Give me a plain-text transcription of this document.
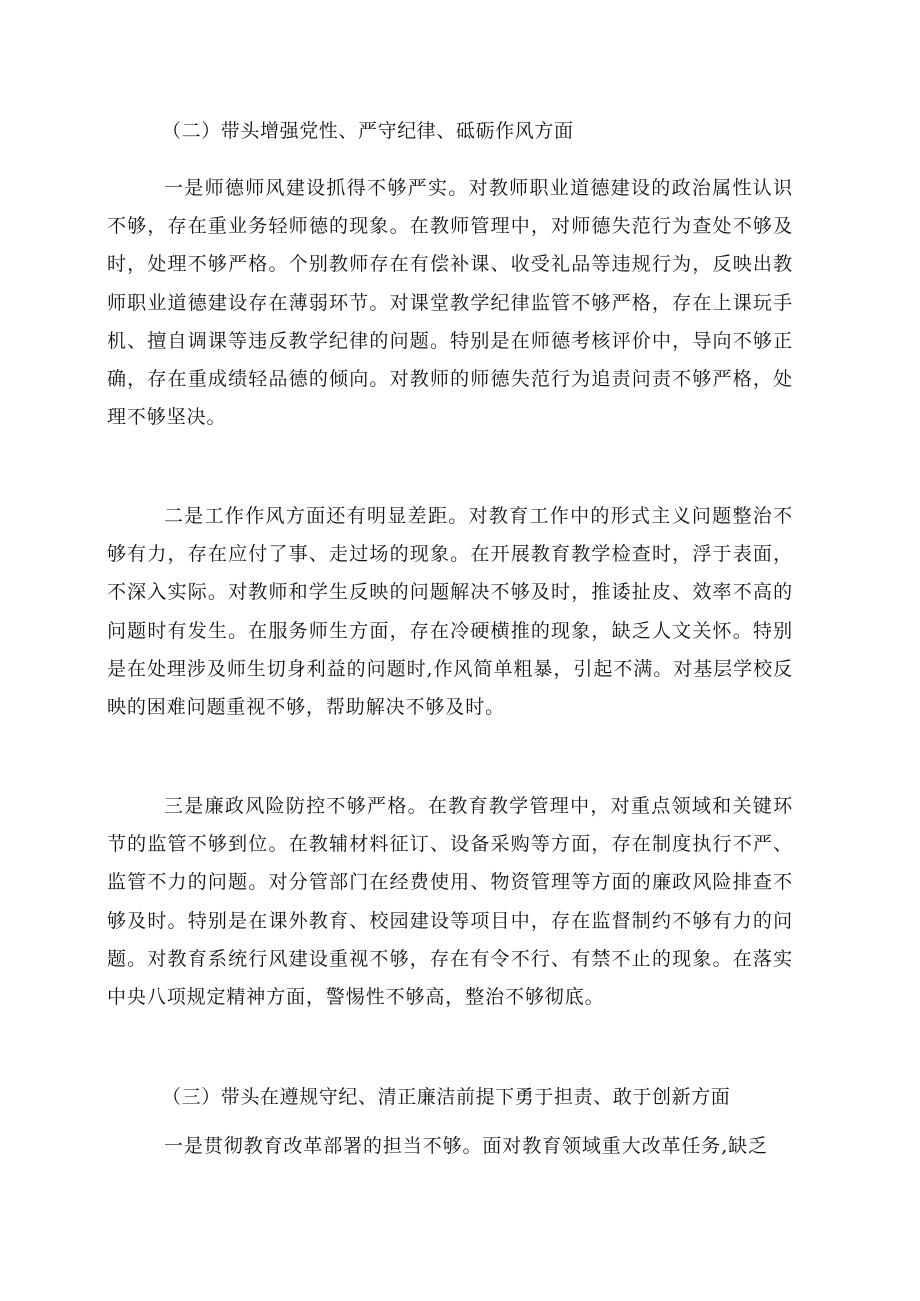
（二）带头增强党性、严守纪律、砥砺作风方面

一是师德师风建设抓得不够严实。对教师职业道德建设的政治属性认识不够，存在重业务轻师德的现象。在教师管理中，对师德失范行为查处不够及时，处理不够严格。个别教师存在有偿补课、收受礼品等违规行为，反映出教师职业道德建设存在薄弱环节。对课堂教学纪律监管不够严格，存在上课玩手机、擅自调课等违反教学纪律的问题。特别是在师德考核评价中，导向不够正确，存在重成绩轻品德的倾向。对教师的师德失范行为追责问责不够严格，处理不够坚决。

二是工作作风方面还有明显差距。对教育工作中的形式主义问题整治不够有力，存在应付了事、走过场的现象。在开展教育教学检查时，浮于表面，不深入实际。对教师和学生反映的问题解决不够及时，推诿扯皮、效率不高的问题时有发生。在服务师生方面，存在冷硬横推的现象，缺乏人文关怀。特别是在处理涉及师生切身利益的问题时,作风简单粗暴，引起不满。对基层学校反映的困难问题重视不够，帮助解决不够及时。

三是廉政风险防控不够严格。在教育教学管理中，对重点领域和关键环节的监管不够到位。在教辅材料征订、设备采购等方面，存在制度执行不严、监管不力的问题。对分管部门在经费使用、物资管理等方面的廉政风险排查不够及时。特别是在课外教育、校园建设等项目中，存在监督制约不够有力的问题。对教育系统行风建设重视不够，存在有令不行、有禁不止的现象。在落实中央八项规定精神方面，警惕性不够高，整治不够彻底。

（三）带头在遵规守纪、清正廉洁前提下勇于担责、敢于创新方面

一是贯彻教育改革部署的担当不够。面对教育领域重大改革任务,缺乏
